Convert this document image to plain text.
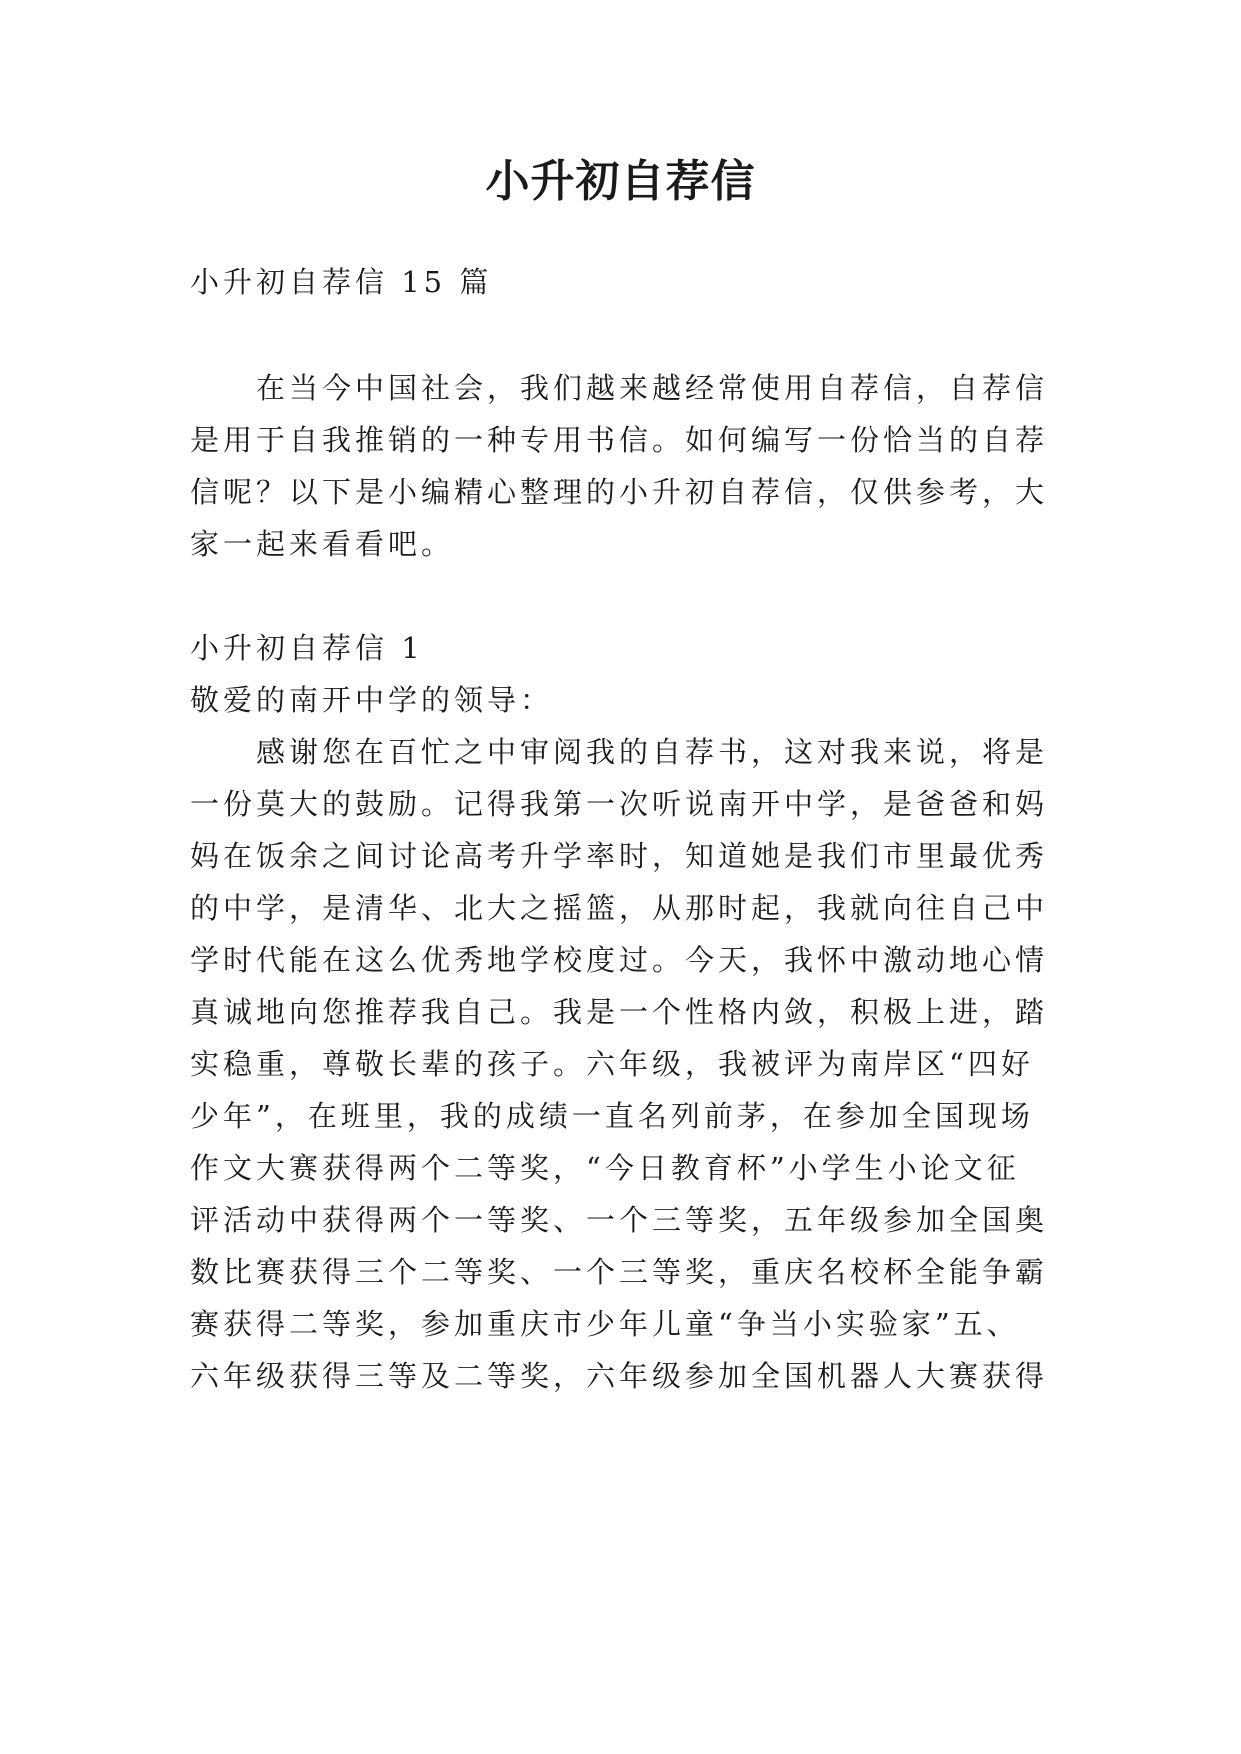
小升初自荐信

小升初自荐信 15 篇

在当今中国社会，我们越来越经常使用自荐信，自荐信

是用于自我推销的一种专用书信。如何编写一份恰当的自荐

信呢？以下是小编精心整理的小升初自荐信，仅供参考，大

家一起来看看吧。

小升初自荐信 1

敬爱的南开中学的领导：

感谢您在百忙之中审阅我的自荐书，这对我来说，将是

一份莫大的鼓励。记得我第一次听说南开中学，是爸爸和妈

妈在饭余之间讨论高考升学率时，知道她是我们市里最优秀

的中学，是清华、北大之摇篮，从那时起，我就向往自己中

学时代能在这么优秀地学校度过。今天，我怀中激动地心情

真诚地向您推荐我自己。我是一个性格内敛，积极上进，踏

实稳重，尊敬长辈的孩子。六年级，我被评为南岸区“四好

少年”，在班里，我的成绩一直名列前茅，在参加全国现场

作文大赛获得两个二等奖，“今日教育杯”小学生小论文征

评活动中获得两个一等奖、一个三等奖，五年级参加全国奥

数比赛获得三个二等奖、一个三等奖，重庆名校杯全能争霸

赛获得二等奖，参加重庆市少年儿童“争当小实验家”五、

六年级获得三等及二等奖，六年级参加全国机器人大赛获得
